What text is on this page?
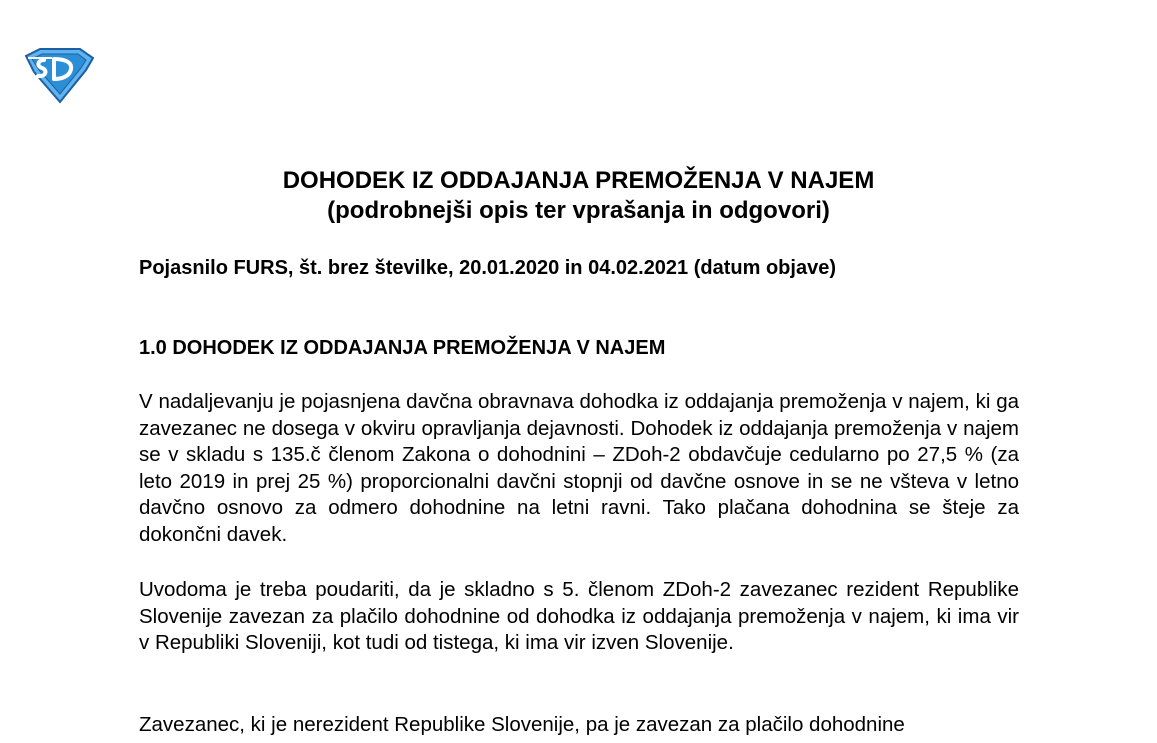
DOHODEK IZ ODDAJANJA PREMOŽENJA V NAJEM
(podrobnejši opis ter vprašanja in odgovori)
Pojasnilo FURS, št. brez številke, 20.01.2020 in 04.02.2021 (datum objave)
1.0 DOHODEK IZ ODDAJANJA PREMOŽENJA V NAJEM

V nadaljevanju je pojasnjena davčna obravnava dohodka iz oddajanja premoženja v najem, ki ga zavezanec ne dosega v okviru opravljanja dejavnosti. Dohodek iz oddajanja premoženja v najem se v skladu s 135.č členom Zakona o dohodnini – ZDoh-2 obdavčuje cedularno po 27,5 % (za leto 2019 in prej 25 %) proporcionalni davčni stopnji od davčne osnove in se ne všteva v letno davčno osnovo za odmero dohodnine na letni ravni. Tako plačana dohodnina se šteje za dokončni davek.

Uvodoma je treba poudariti, da je skladno s 5. členom ZDoh-2 zavezanec rezident Republike Slovenije zavezan za plačilo dohodnine od dohodka iz oddajanja premoženja v najem, ki ima vir v Republiki Sloveniji, kot tudi od tistega, ki ima vir izven Slovenije.

Zavezanec, ki je nerezident Republike Slovenije, pa je zavezan za plačilo dohodnine
